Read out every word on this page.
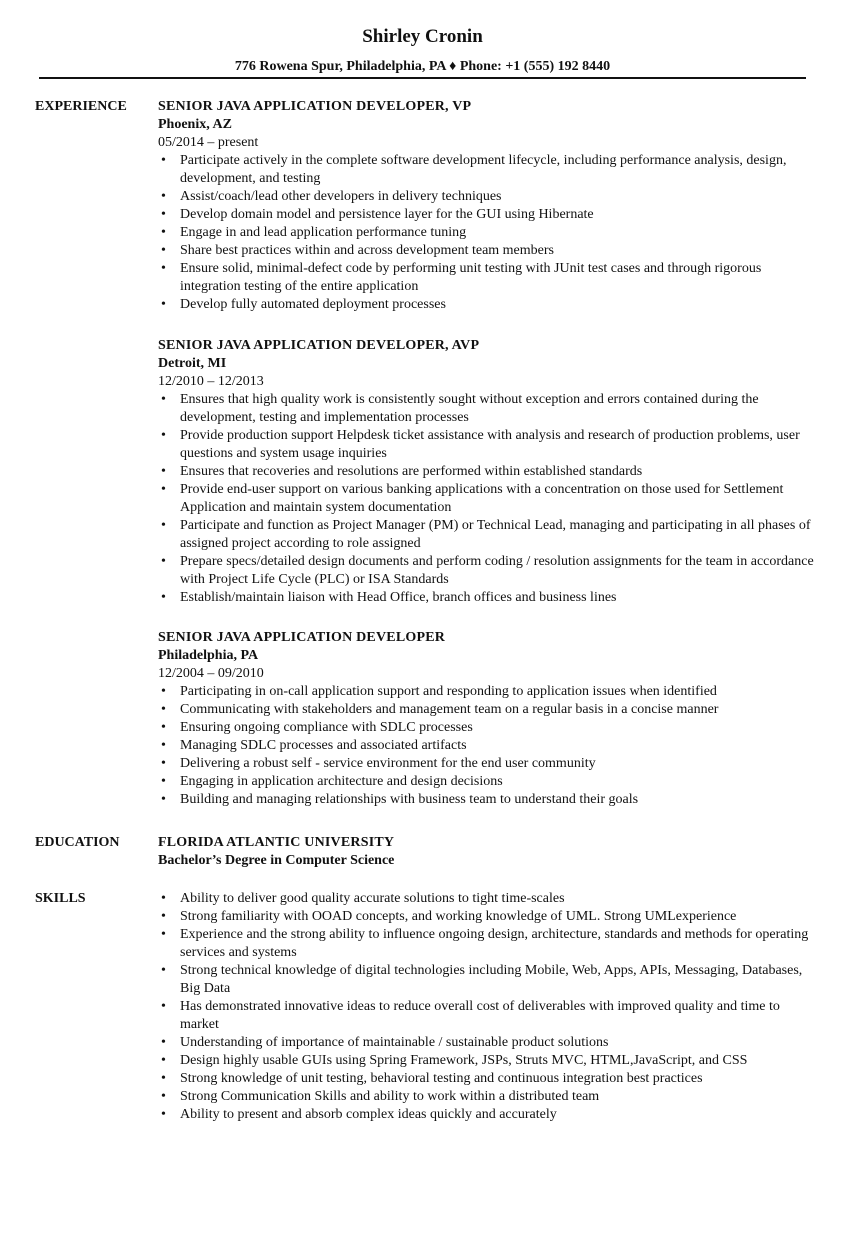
Shirley Cronin
776 Rowena Spur, Philadelphia, PA ♦ Phone: +1 (555) 192 8440
EXPERIENCE SENIOR JAVA APPLICATION DEVELOPER, VP
Phoenix, AZ
05/2014 – present
• Participate actively in the complete software development lifecycle, including performance analysis, design, development, and testing
• Assist/coach/lead other developers in delivery techniques
• Develop domain model and persistence layer for the GUI using Hibernate
• Engage in and lead application performance tuning
• Share best practices within and across development team members
• Ensure solid, minimal-defect code by performing unit testing with JUnit test cases and through rigorous integration testing of the entire application
• Develop fully automated deployment processes
SENIOR JAVA APPLICATION DEVELOPER, AVP
Detroit, MI
12/2010 – 12/2013
• Ensures that high quality work is consistently sought without exception and errors contained during the development, testing and implementation processes
• Provide production support Helpdesk ticket assistance with analysis and research of production problems, user questions and system usage inquiries
• Ensures that recoveries and resolutions are performed within established standards
• Provide end-user support on various banking applications with a concentration on those used for Settlement Application and maintain system documentation
• Participate and function as Project Manager (PM) or Technical Lead, managing and participating in all phases of assigned project according to role assigned
• Prepare specs/detailed design documents and perform coding / resolution assignments for the team in accordance with Project Life Cycle (PLC) or ISA Standards
• Establish/maintain liaison with Head Office, branch offices and business lines
SENIOR JAVA APPLICATION DEVELOPER
Philadelphia, PA
12/2004 – 09/2010
• Participating in on-call application support and responding to application issues when identified
• Communicating with stakeholders and management team on a regular basis in a concise manner
• Ensuring ongoing compliance with SDLC processes
• Managing SDLC processes and associated artifacts
• Delivering a robust self - service environment for the end user community
• Engaging in application architecture and design decisions
• Building and managing relationships with business team to understand their goals
EDUCATION	FLORIDA ATLANTIC UNIVERSITY
Bachelor’s Degree in Computer Science
SKILLS	• Ability to deliver good quality accurate solutions to tight time-scales
• Strong familiarity with OOAD concepts, and working knowledge of UML. Strong UMLexperience
• Experience and the strong ability to influence ongoing design, architecture, standards and methods for operating services and systems
• Strong technical knowledge of digital technologies including Mobile, Web, Apps, APIs, Messaging, Databases, Big Data
• Has demonstrated innovative ideas to reduce overall cost of deliverables with improved quality and time to market
• Understanding of importance of maintainable / sustainable product solutions
• Design highly usable GUIs using Spring Framework, JSPs, Struts MVC, HTML,JavaScript, and CSS
• Strong knowledge of unit testing, behavioral testing and continuous integration best practices
• Strong Communication Skills and ability to work within a distributed team
• Ability to present and absorb complex ideas quickly and accurately
